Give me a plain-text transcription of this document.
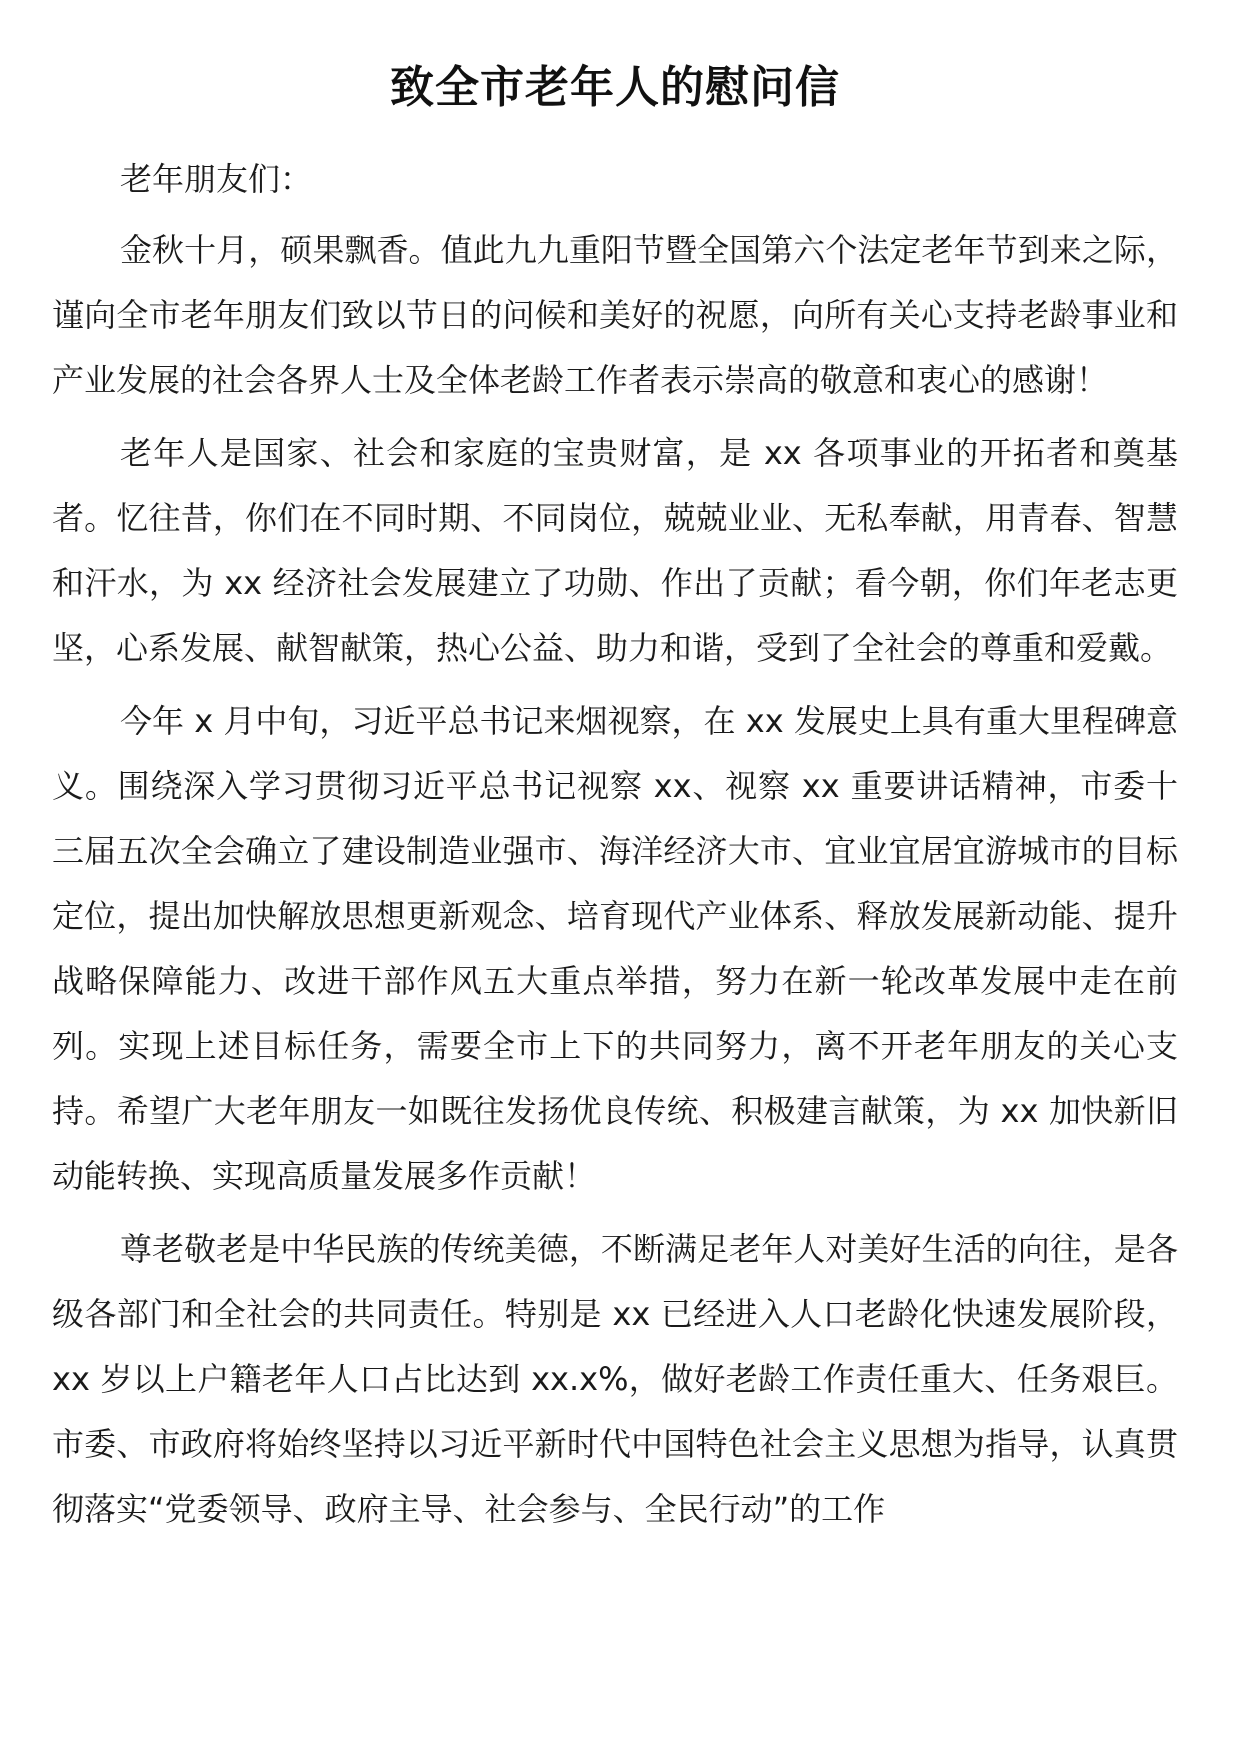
致全市老年人的慰问信

老年朋友们：

金秋十月，硕果飘香。值此九九重阳节暨全国第六个法定老年节到来之际，谨向全市老年朋友们致以节日的问候和美好的祝愿，向所有关心支持老龄事业和产业发展的社会各界人士及全体老龄工作者表示崇高的敬意和衷心的感谢！

老年人是国家、社会和家庭的宝贵财富，是 xx 各项事业的开拓者和奠基者。忆往昔，你们在不同时期、不同岗位，兢兢业业、无私奉献，用青春、智慧和汗水，为 xx 经济社会发展建立了功勋、作出了贡献；看今朝，你们年老志更坚，心系发展、献智献策，热心公益、助力和谐，受到了全社会的尊重和爱戴。

今年 x 月中旬，习近平总书记来烟视察，在 xx 发展史上具有重大里程碑意义。围绕深入学习贯彻习近平总书记视察 xx、视察 xx 重要讲话精神，市委十三届五次全会确立了建设制造业强市、海洋经济大市、宜业宜居宜游城市的目标定位，提出加快解放思想更新观念、培育现代产业体系、释放发展新动能、提升战略保障能力、改进干部作风五大重点举措，努力在新一轮改革发展中走在前列。实现上述目标任务，需要全市上下的共同努力，离不开老年朋友的关心支持。希望广大老年朋友一如既往发扬优良传统、积极建言献策，为 xx 加快新旧动能转换、实现高质量发展多作贡献！

尊老敬老是中华民族的传统美德，不断满足老年人对美好生活的向往，是各级各部门和全社会的共同责任。特别是 xx 已经进入人口老龄化快速发展阶段，xx 岁以上户籍老年人口占比达到 xx.x%，做好老龄工作责任重大、任务艰巨。市委、市政府将始终坚持以习近平新时代中国特色社会主义思想为指导，认真贯彻落实“党委领导、政府主导、社会参与、全民行动”的工作
